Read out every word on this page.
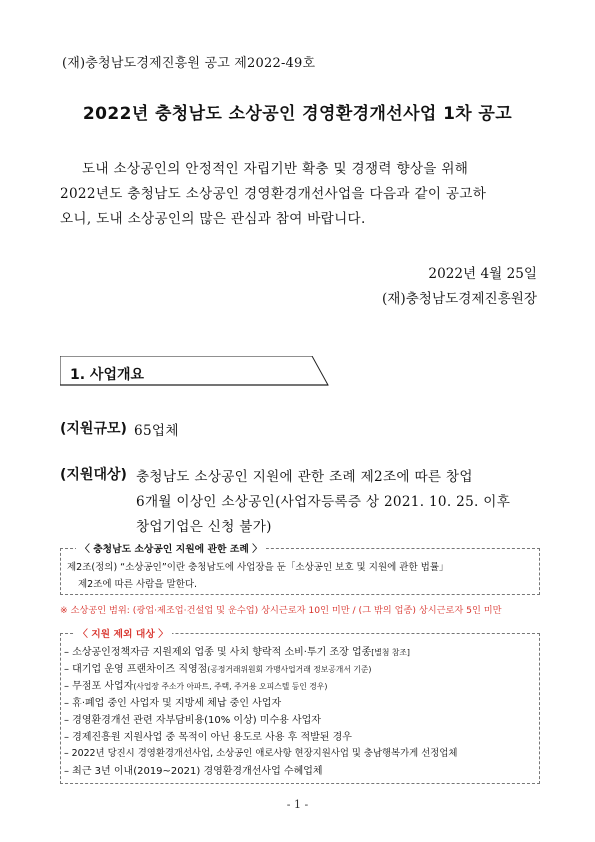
(재)충청남도경제진흥원 공고 제2022-49호
2022년 충청남도 소상공인 경영환경개선사업 1차 공고
도내 소상공인의 안정적인 자립기반 확충 및 경쟁력 향상을 위해
2022년도 충청남도 소상공인 경영환경개선사업을 다음과 같이 공고하
오니, 도내 소상공인의 많은 관심과 참여 바랍니다.
2022년 4월 25일
(재)충청남도경제진흥원장
1. 사업개요
(지원규모) 65업체
(지원대상) 충청남도 소상공인 지원에 관한 조례 제2조에 따른 창업
6개월 이상인 소상공인(사업자등록증 상 2021. 10. 25. 이후
창업기업은 신청 불가)
〈 충청남도 소상공인 지원에 관한 조례 〉
제2조(정의) “소상공인”이란 충청남도에 사업장을 둔「소상공인 보호 및 지원에 관한 법률」
제2조에 따른 사람을 말한다.
※ 소상공인 범위: (광업·제조업·건설업 및 운수업) 상시근로자 10인 미만 / (그 밖의 업종) 상시근로자 5인 미만
〈 지원 제외 대상 〉
– 소상공인정책자금 지원제외 업종 및 사치 향락적 소비·투기 조장 업종[별첨 참조]
– 대기업 운영 프랜차이즈 직영점(공정거래위원회 가맹사업거래 정보공개서 기준)
– 무점포 사업자(사업장 주소가 아파트, 주택, 주거용 오피스텔 등인 경우)
– 휴·폐업 중인 사업자 및 지방세 체납 중인 사업자
– 경영환경개선 관련 자부담비용(10% 이상) 미수용 사업자
– 경제진흥원 지원사업 중 목적이 아닌 용도로 사용 후 적발된 경우
– 2022년 당진시 경영환경개선사업, 소상공인 애로사항 현장지원사업 및 충남행복가게 선정업체
– 최근 3년 이내(2019~2021) 경영환경개선사업 수혜업체
- 1 -
